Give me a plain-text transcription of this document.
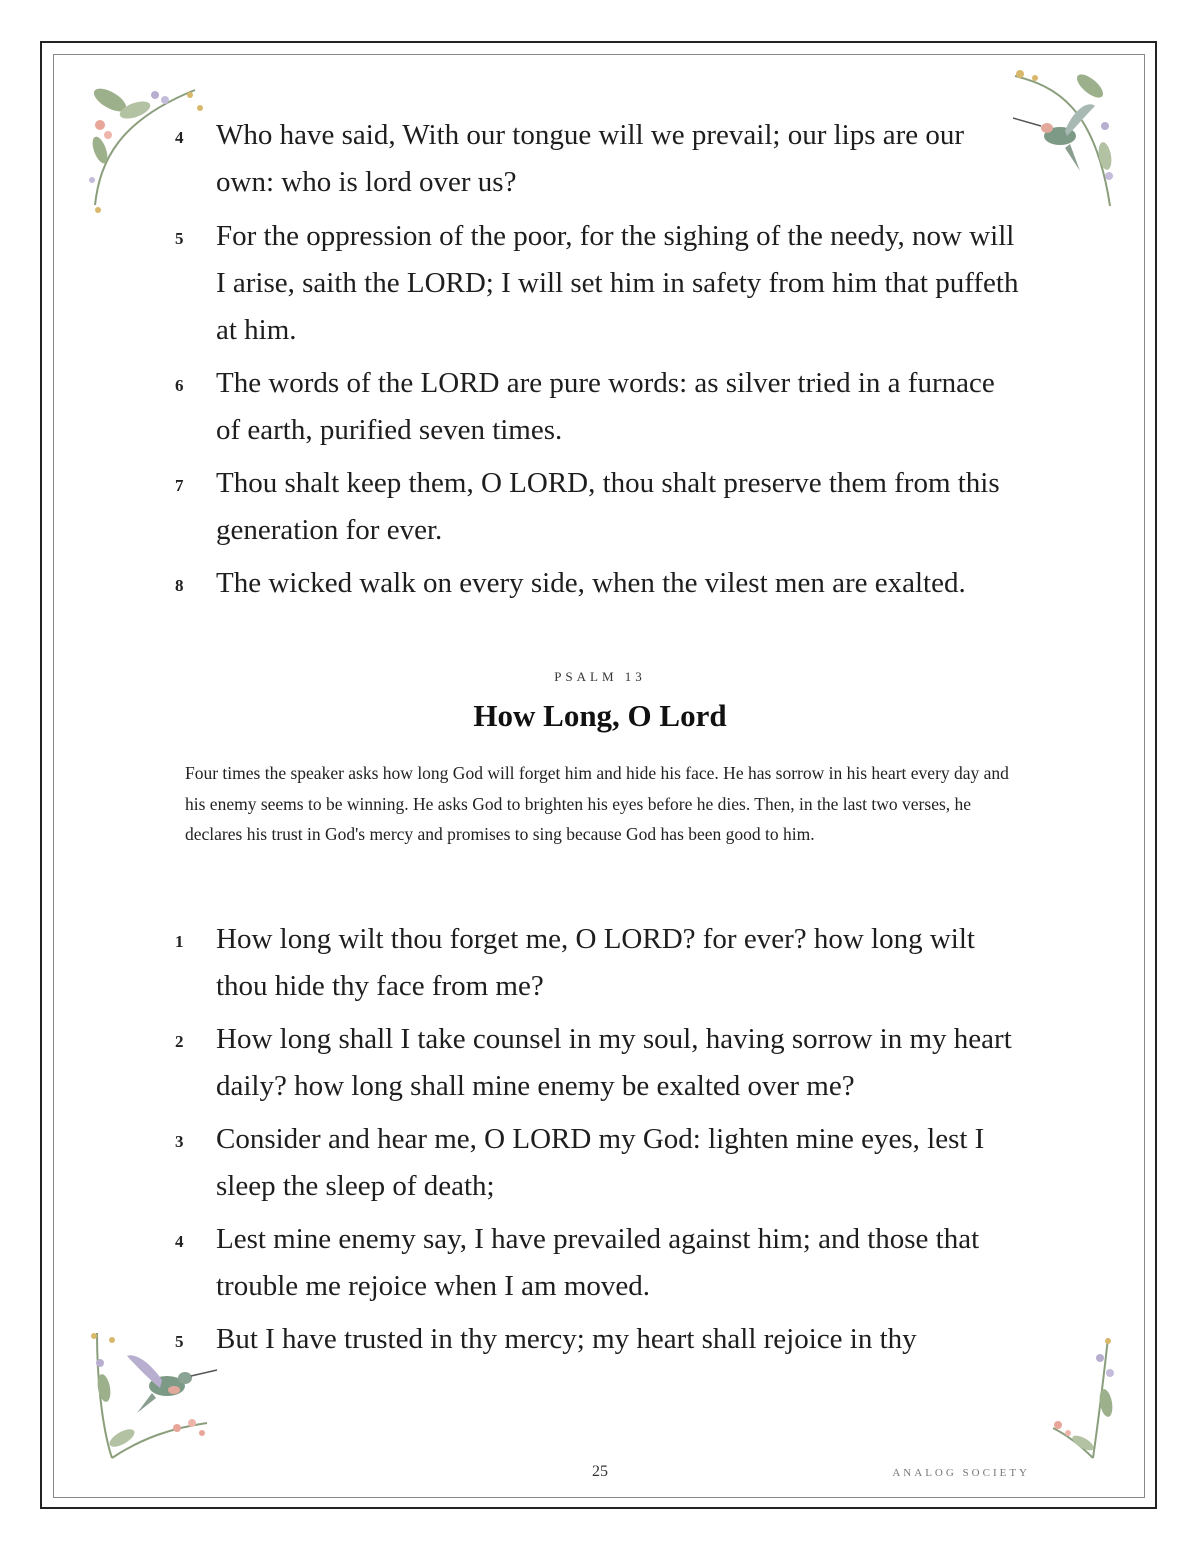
4	Who have said, With our tongue will we prevail; our lips are our own: who is lord over us?
5	For the oppression of the poor, for the sighing of the needy, now will I arise, saith the LORD; I will set him in safety from him that puffeth at him.
6	The words of the LORD are pure words: as silver tried in a furnace of earth, purified seven times.
7	Thou shalt keep them, O LORD, thou shalt preserve them from this generation for ever.
8	The wicked walk on every side, when the vilest men are exalted.
PSALM 13
How Long, O Lord
Four times the speaker asks how long God will forget him and hide his face. He has sorrow in his heart every day and his enemy seems to be winning. He asks God to brighten his eyes before he dies. Then, in the last two verses, he declares his trust in God's mercy and promises to sing because God has been good to him.
1	How long wilt thou forget me, O LORD? for ever? how long wilt thou hide thy face from me?
2	How long shall I take counsel in my soul, having sorrow in my heart daily? how long shall mine enemy be exalted over me?
3	Consider and hear me, O LORD my God: lighten mine eyes, lest I sleep the sleep of death;
4	Lest mine enemy say, I have prevailed against him; and those that trouble me rejoice when I am moved.
5	But I have trusted in thy mercy; my heart shall rejoice in thy
25	ANALOG SOCIETY
